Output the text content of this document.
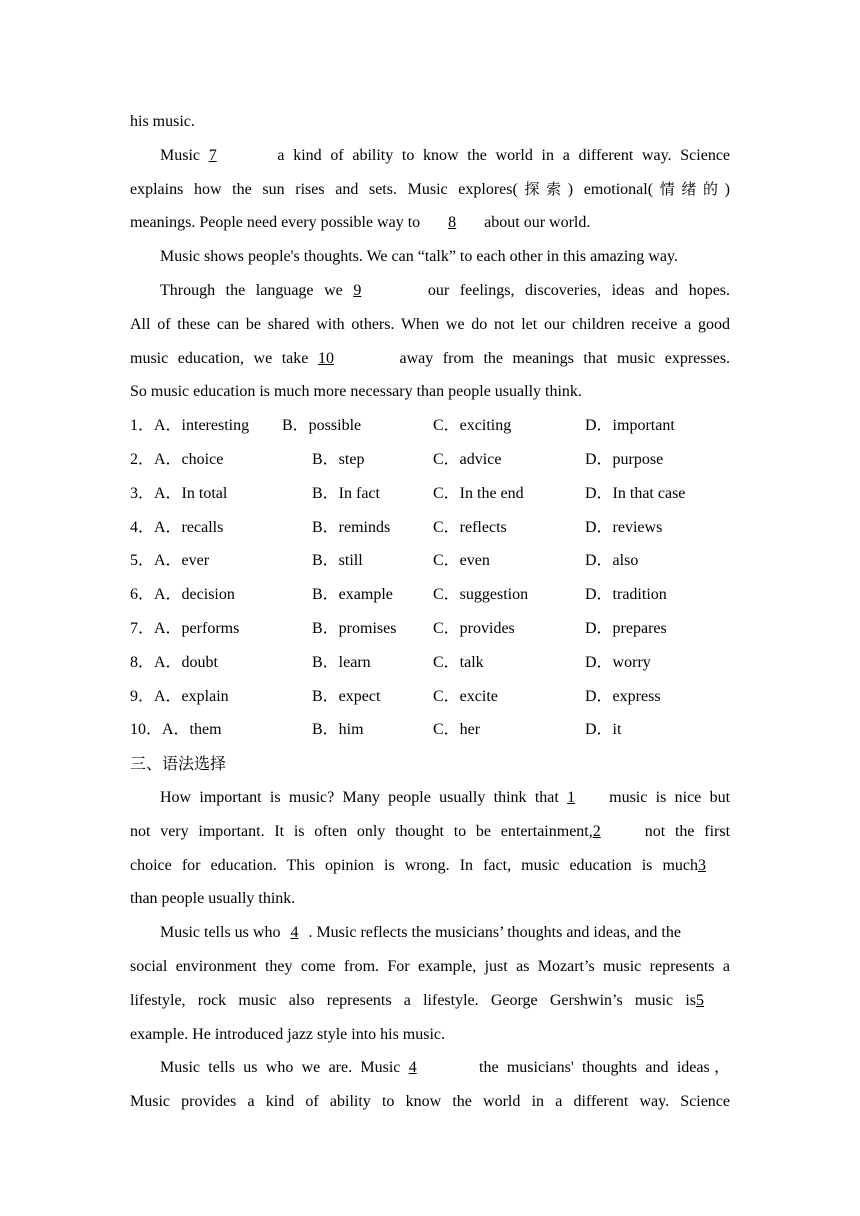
his music.
Music 7	a kind of ability to know the world in a different way. Science
explains how the sun rises and sets. Music explores(探索) emotional(情绪的)
meanings. People need every possible way to 8 about our world.
Music shows people's thoughts. We can “talk” to each other in this amazing way.
Through the language we 9	our feelings, discoveries, ideas and hopes.
All of these can be shared with others. When we do not let our children receive a good
music education, we take 10	away from the meanings that music expresses.
So music education is much more necessary than people usually think.
1．A．interesting B．possible	C．exciting	D．important
2．A．choice	B．step	C．advice	D．purpose
3．A．In total	B．In fact	C．In the end	D．In that case
4．A．recalls	B．reminds	C．reflects	D．reviews
5．A．ever	B．still	C．even	D．also
6．A．decision	B．example	C．suggestion	D．tradition
7．A．performs	B．promises C．provides	D．prepares
8．A．doubt	B．learn	C．talk	D．worry
9．A．explain	B．expect	C．excite	D．express
10．A．them	B．him	C．her	D．it
三、语法选择
How important is music? Many people usually think that 1 music is nice but
not very important. It is often only thought to be entertainment,2	not the first
choice for education. This opinion is wrong. In fact, music education is much3
than people usually think.
Music tells us who 4 . Music reflects the musicians’ thoughts and ideas, and the
social environment they come from. For example, just as Mozart’s music represents a
lifestyle, rock music also represents a lifestyle. George Gershwin’s music is5
example. He introduced jazz style into his music.
Music tells us who we are. Music 4	the musicians' thoughts and ideas，
Music provides a kind of ability to know the world in a different way. Science
